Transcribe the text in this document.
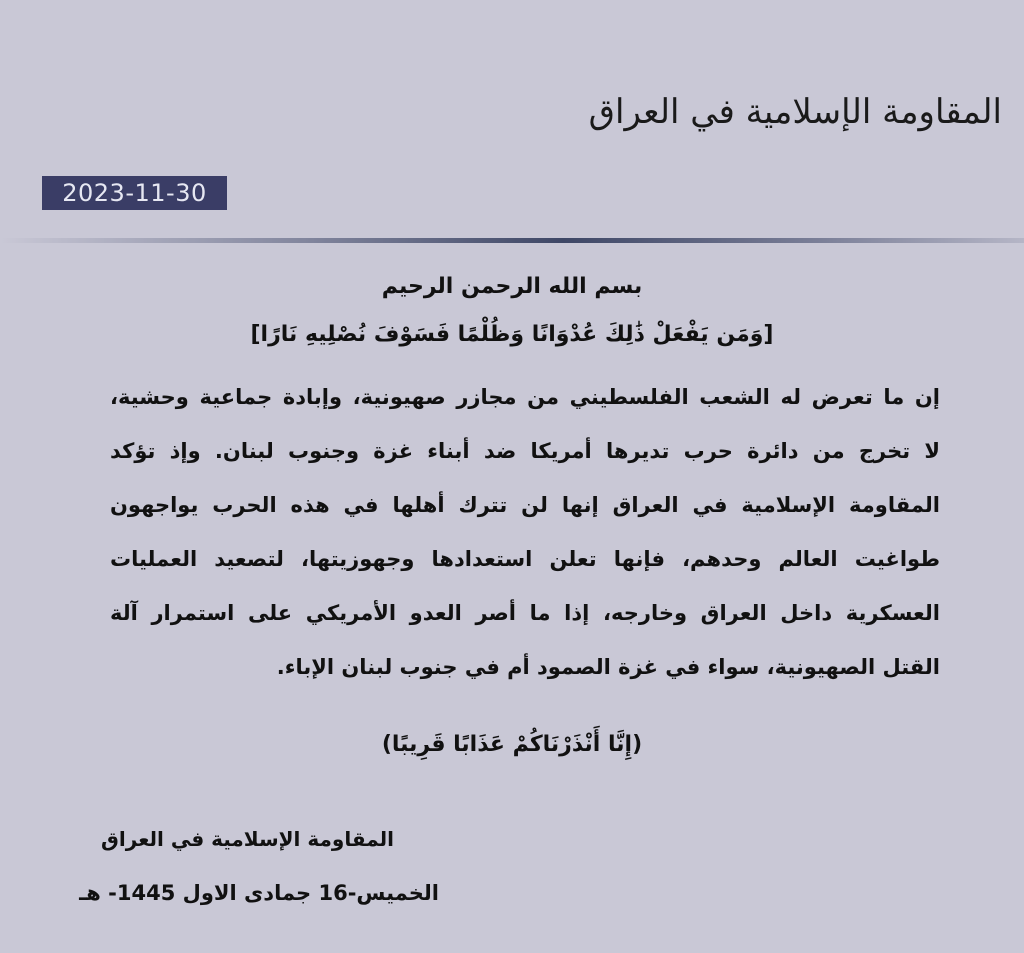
المقاومة الإسلامية في العراق
2023-11-30
بسم الله الرحمن الرحيم
[وَمَن يَفْعَلْ ذَٰلِكَ عُدْوَانًا وَظُلْمًا فَسَوْفَ نُصْلِيهِ نَارًا]
إن ما تعرض له الشعب الفلسطيني من مجازر صهيونية، وإبادة جماعية وحشية،
لا تخرج من دائرة حرب تديرها أمريكا ضد أبناء غزة وجنوب لبنان. وإذ تؤكد
المقاومة الإسلامية في العراق إنها لن تترك أهلها في هذه الحرب يواجهون
طواغيت العالم وحدهم، فإنها تعلن استعدادها وجهوزيتها، لتصعيد العمليات
العسكرية داخل العراق وخارجه، إذا ما أصر العدو الأمريكي على استمرار آلة
القتل الصهيونية، سواء في غزة الصمود أم في جنوب لبنان الإباء.
(إِنَّا أَنْذَرْنَاكُمْ عَذَابًا قَرِيبًا)
المقاومة الإسلامية في العراق
الخميس-16 جمادى الاول 1445- هـ
